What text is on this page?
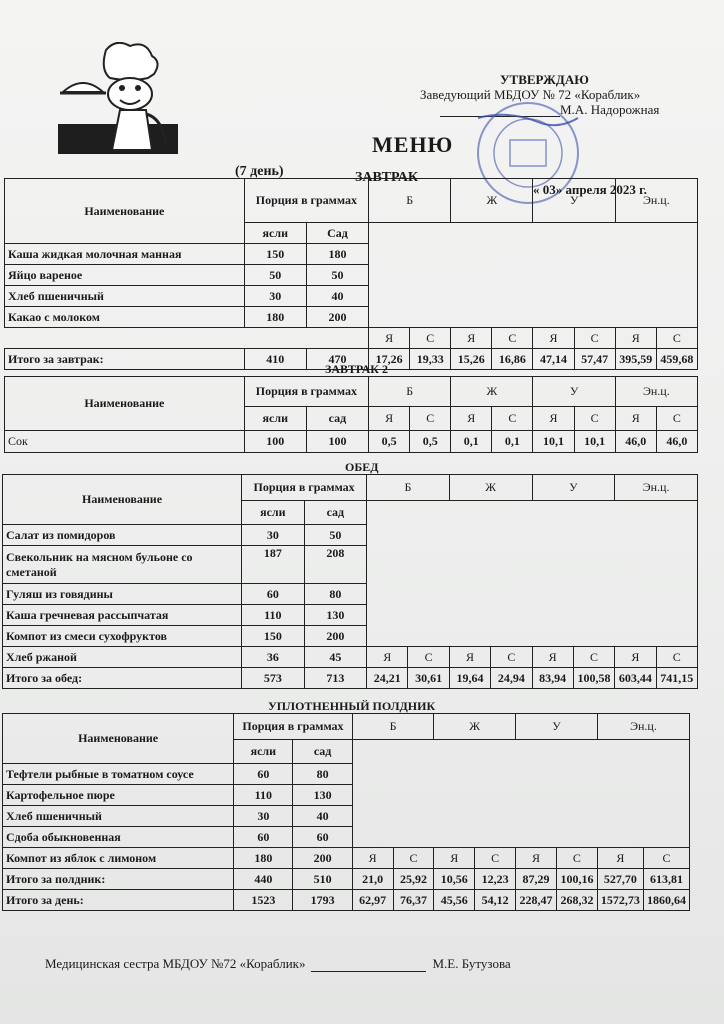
УТВЕРЖДАЮ
Заведующий МБДОУ № 72 «Кораблик»
М.А. Надорожная
МЕНЮ
(7 день)	ЗАВТРАК
« 03» апреля 2023 г.
Наименование	Порция в граммах		Б		Ж		У		Эн.ц.	
	ясли	Сад								
Каша жидкая молочная манная	150	180								
Яйцо вареное	50	50								
Хлеб пшеничный	30	40								
Какао с молоком	180	200								
			Я	С	Я	С	Я	С	Я	С
Итого за завтрак:	410	470	17,26	19,33	15,26	16,86	47,14	57,47	395,59	459,68
ЗАВТРАК 2
Наименование	Порция в граммах		Б		Ж		У		Эн.ц.	
	ясли	сад	Я	С	Я	С	Я	С	Я	С
Сок	100	100	0,5	0,5	0,1	0,1	10,1	10,1	46,0	46,0
ОБЕД
Наименование	Порция в граммах		Б		Ж		У		Эн.ц.	
	ясли	сад								
Салат из помидоров	30	50								
Свекольник на мясном бульоне со сметаной	187	208								
Гуляш из говядины	60	80								
Каша гречневая рассыпчатая	110	130								
Компот из смеси сухофруктов	150	200								
Хлеб ржаной	36	45	Я	С	Я	С	Я	С	Я	С
Итого за обед:	573	713	24,21	30,61	19,64	24,94	83,94	100,58	603,44	741,15
УПЛОТНЕННЫЙ ПОЛДНИК
Наименование	Порция в граммах		Б		Ж		У		Эн.ц.	
	ясли	сад								
Тефтели рыбные в томатном соусе	60	80								
Картофельное пюре	110	130								
Хлеб пшеничный	30	40								
Сдоба обыкновенная	60	60								
Компот из яблок с лимоном	180	200	Я	С	Я	С	Я	С	Я	С
Итого за полдник:	440	510	21,0	25,92	10,56	12,23	87,29	100,16	527,70	613,81
Итого за день:	1523	1793	62,97	76,37	45,56	54,12	228,47	268,32	1572,73	1860,64
Медицинская сестра МБДОУ №72 «Кораблик»	М.Е. Бутузова
